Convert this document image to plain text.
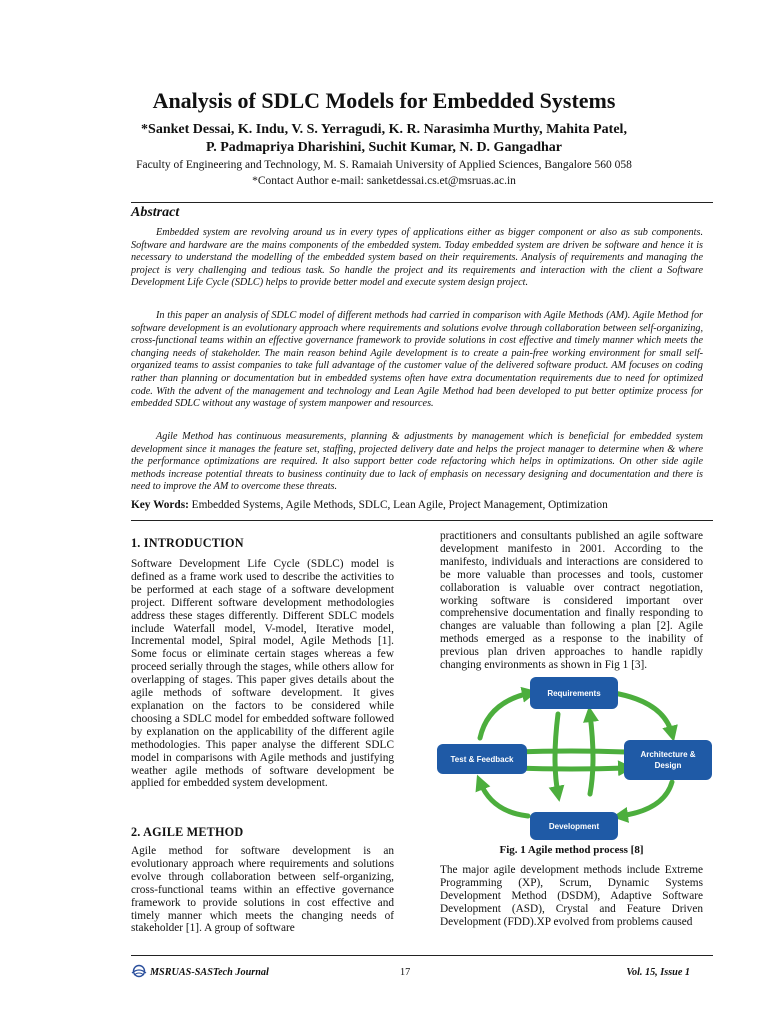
Analysis of SDLC Models for Embedded Systems
*Sanket Dessai, K. Indu, V. S. Yerragudi, K. R. Narasimha Murthy, Mahita Patel,
P. Padmapriya Dharishini, Suchit Kumar, N. D. Gangadhar
Faculty of Engineering and Technology, M. S. Ramaiah University of Applied Sciences, Bangalore 560 058
*Contact Author e-mail: sanketdessai.cs.et@msruas.ac.in
Abstract
Embedded system are revolving around us in every types of applications either as bigger component or also as sub components. Software and hardware are the mains components of the embedded system. Today embedded system are driven be software and hence it is necessary to understand the modelling of the embedded system based on their requirements. Analysis of requirements and managing the project is very challenging and tedious task. So handle the project and its requirements and interaction with the client a Software Development Life Cycle (SDLC) helps to provide better model and execute system design project.
In this paper an analysis of SDLC model of different methods had carried in comparison with Agile Methods (AM). Agile Method for software development is an evolutionary approach where requirements and solutions evolve through collaboration between self-organizing, cross-functional teams within an effective governance framework to provide solutions in cost effective and timely manner which meets the changing needs of stakeholder. The main reason behind Agile development is to create a pain-free working environment for small self-organized teams to assist companies to take full advantage of the customer value of the delivered software product. AM focuses on coding rather than planning or documentation but in embedded systems often have extra documentation requirements due to need for optimized code. With the advent of the management and technology and Lean Agile Method had been developed to put better optimize process for embedded SDLC without any wastage of system manpower and resources.
Agile Method has continuous measurements, planning & adjustments by management which is beneficial for embedded system development since it manages the feature set, staffing, projected delivery date and helps the project manager to determine when & where the performance optimizations are required. It also support better code refactoring which helps in optimizations. On other side agile methods increase potential threats to business continuity due to lack of emphasis on necessary designing and documentation and there is need to improve the AM to overcome these threats.
Key Words: Embedded Systems, Agile Methods, SDLC, Lean Agile, Project Management, Optimization
1. INTRODUCTION
Software Development Life Cycle (SDLC) model is defined as a frame work used to describe the activities to be performed at each stage of a software development project. Different software development methodologies address these stages differently. Different SDLC models include Waterfall model, V-model, Iterative model, Incremental model, Spiral model, Agile Methods [1]. Some focus or eliminate certain stages whereas a few proceed serially through the stages, while others allow for overlapping of stages. This paper gives details about the agile methods of software development. It gives explanation on the factors to be considered while choosing a SDLC model for embedded software followed by explanation on the applicability of the different agile methodologies. This paper analyse the different SDLC model in comparisons with Agile methods and justifying weather agile methods of software development be applied for embedded system development.
2. AGILE METHOD
Agile method for software development is an evolutionary approach where requirements and solutions evolve through collaboration between self-organizing, cross-functional teams within an effective governance framework to provide solutions in cost effective and timely manner which meets the changing needs of stakeholder [1]. A group of software
practitioners and consultants published an agile software development manifesto in 2001. According to the manifesto, individuals and interactions are considered to be more valuable than processes and tools, customer collaboration is valuable over contract negotiation, working software is considered important over comprehensive documentation and finally responding to changes are valuable than following a plan [2]. Agile methods emerged as a response to the inability of previous plan driven approaches to handle rapidly changing environments as shown in Fig 1 [3].
Requirements
Architecture &
Design
Development
Test & Feedback
Fig. 1 Agile method process [8]
The major agile development methods include Extreme Programming (XP), Scrum, Dynamic Systems Development Method (DSDM), Adaptive Software Development (ASD), Crystal and Feature Driven Development (FDD).XP evolved from problems caused
MSRUAS-SASTech Journal	17	Vol. 15, Issue 1
